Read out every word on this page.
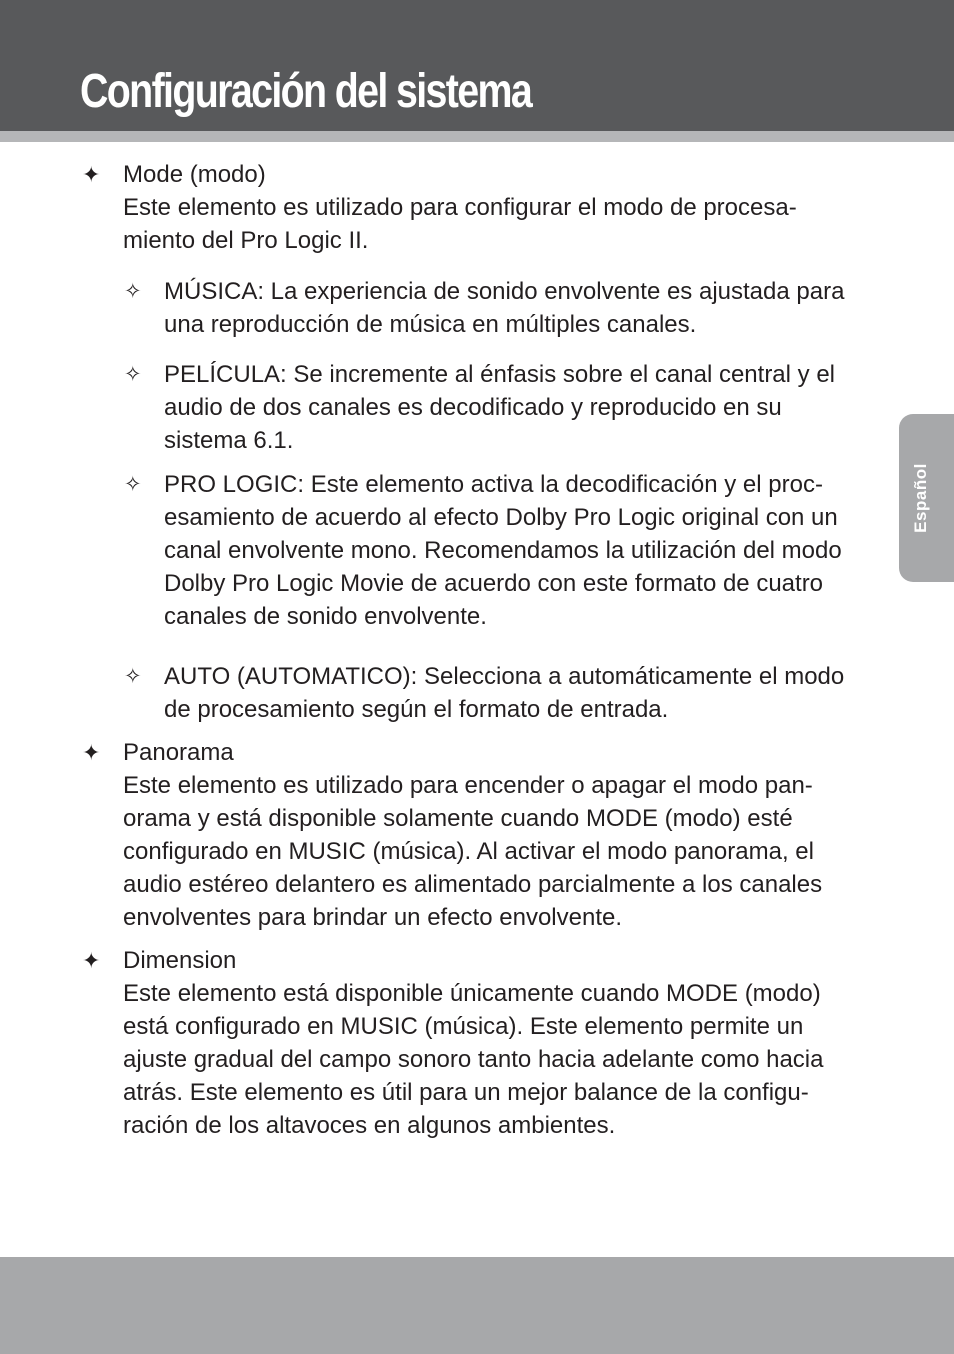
Configuración del sistema
Español
✦ Mode (modo)
Este elemento es utilizado para configurar el modo de procesa-miento del Pro Logic II.
✧ MÚSICA: La experiencia de sonido envolvente es ajustada para una reproducción de música en múltiples canales.
✧ PELÍCULA: Se incremente al énfasis sobre el canal central y el audio de dos canales es decodificado y reproducido en su sistema 6.1.
✧ PRO LOGIC: Este elemento activa la decodificación y el proc-esamiento de acuerdo al efecto Dolby Pro Logic original con un canal envolvente mono. Recomendamos la utilización del modo Dolby Pro Logic Movie de acuerdo con este formato de cuatro canales de sonido envolvente.
✧ AUTO (AUTOMATICO): Selecciona a automáticamente el modo de procesamiento según el formato de entrada.
✦ Panorama
Este elemento es utilizado para encender o apagar el modo pan-orama y está disponible solamente cuando MODE (modo) esté configurado en MUSIC (música). Al activar el modo panorama, el audio estéreo delantero es alimentado parcialmente a los canales envolventes para brindar un efecto envolvente.
✦ Dimension
Este elemento está disponible únicamente cuando MODE (modo) está configurado en MUSIC (música). Este elemento permite un ajuste gradual del campo sonoro tanto hacia adelante como hacia atrás. Este elemento es útil para un mejor balance de la configu-ración de los altavoces en algunos ambientes.
